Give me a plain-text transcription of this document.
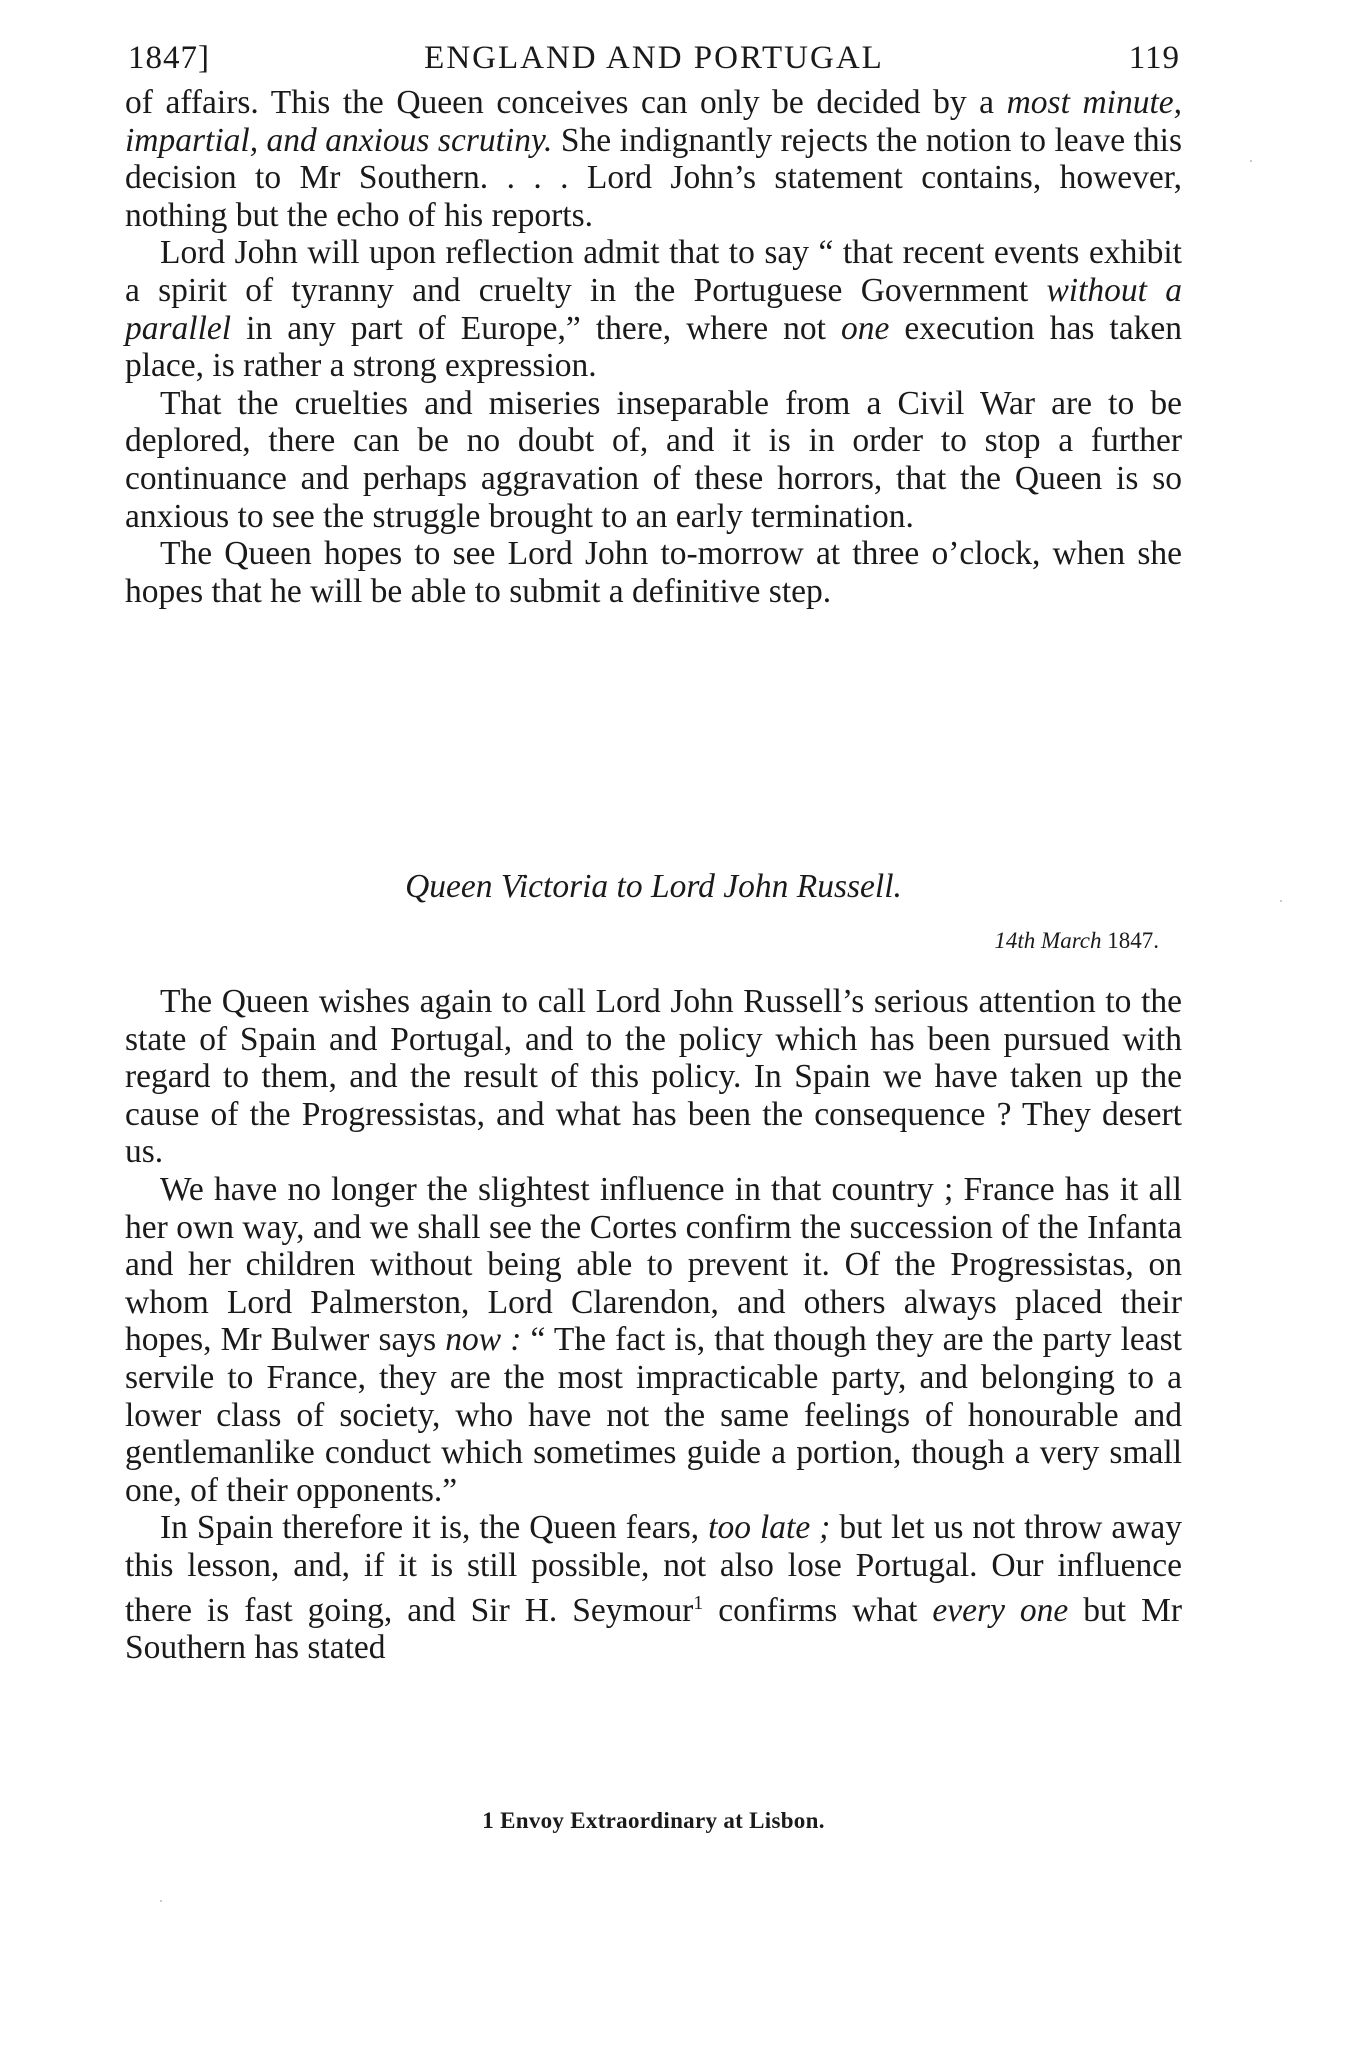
1847]	ENGLAND AND PORTUGAL	119

of affairs. This the Queen conceives can only be decided by a most minute, impartial, and anxious scrutiny. She indignantly rejects the notion to leave this decision to Mr Southern. . . . Lord John’s statement contains, however, nothing but the echo of his reports.

Lord John will upon reflection admit that to say “ that recent events exhibit a spirit of tyranny and cruelty in the Portuguese Government without a parallel in any part of Europe,” there, where not one execution has taken place, is rather a strong expression.

That the cruelties and miseries inseparable from a Civil War are to be deplored, there can be no doubt of, and it is in order to stop a further continuance and perhaps aggravation of these horrors, that the Queen is so anxious to see the struggle brought to an early termination.

The Queen hopes to see Lord John to-morrow at three o’clock, when she hopes that he will be able to submit a definitive step.

Queen Victoria to Lord John Russell.
14th March 1847.

The Queen wishes again to call Lord John Russell’s serious attention to the state of Spain and Portugal, and to the policy which has been pursued with regard to them, and the result of this policy. In Spain we have taken up the cause of the Progressistas, and what has been the consequence ? They desert us.

We have no longer the slightest influence in that country ; France has it all her own way, and we shall see the Cortes confirm the succession of the Infanta and her children without being able to prevent it. Of the Progressistas, on whom Lord Palmerston, Lord Clarendon, and others always placed their hopes, Mr Bulwer says now : “ The fact is, that though they are the party least servile to France, they are the most impracticable party, and belonging to a lower class of society, who have not the same feelings of honourable and gentlemanlike conduct which sometimes guide a portion, though a very small one, of their opponents.”

In Spain therefore it is, the Queen fears, too late ; but let us not throw away this lesson, and, if it is still possible, not also lose Portugal. Our influence there is fast going, and Sir H. Seymour$^1$ confirms what every one but Mr Southern has stated

1 Envoy Extraordinary at Lisbon.
